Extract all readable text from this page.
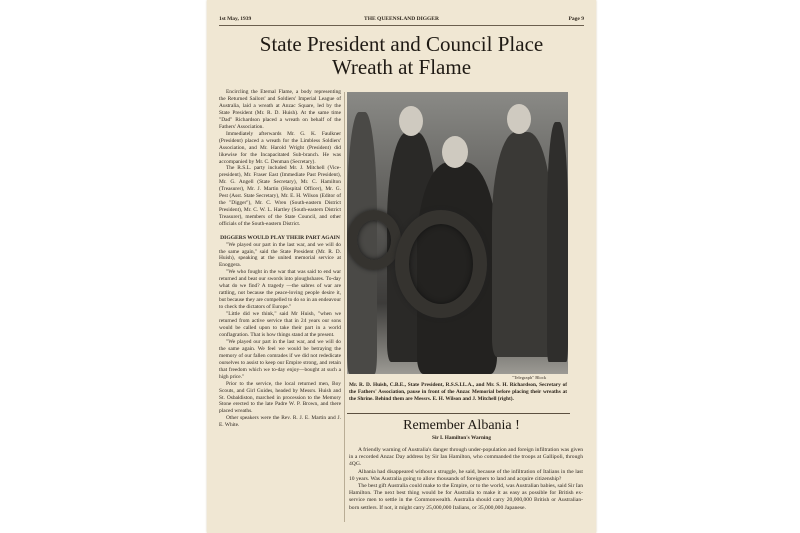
1st May, 1939	THE QUEENSLAND DIGGER	Page 9
State President and Council Place
Wreath at Flame

Encircling the Eternal Flame, a body representing the Returned Sailors' and Soldiers' Imperial League of Australia, laid a wreath at Anzac Square, led by the State President (Mr. R. D. Huish). At the same time "Dad" Richardson placed a wreath on behalf of the Fathers' Association.

Immediately afterwards Mr. G. K. Faulkner (President) placed a wreath for the Limbless Soldiers' Association, and Mr. Harold Wright (President) did likewise for the Incapacitated Sub-branch. He was accompanied by Mr. C. Denman (Secretary).

The R.S.L. party included Mr. J. Mitchell (Vice-president), Mr. Fraser East (Immediate Past President), Mr. G. Angell (State Secretary), Mr. C. Hamilton (Treasurer), Mr. J. Martin (Hospital Officer), Mr. G. Pest (Asst. State Secretary), Mr. E. H. Wilson (Editor of the "Digger"), Mr. C. Wren (South-eastern District President), Mr. C. W. L. Hartley (South-eastern District Treasurer), members of the State Council, and other officials of the South-eastern District.

DIGGERS WOULD PLAY THEIR PART AGAIN

"We played our part in the last war, and we will do the same again," said the State President (Mr. R. D. Huish), speaking at the united memorial service at Enoggera.

"We who fought in the war that was said to end war returned and beat our swords into ploughshares. To-day what do we find? A tragedy —the sabres of war are rattling, not because the peace-loving people desire it, but because they are compelled to do so in an endeavour to check the dictators of Europe."

"Little did we think," said Mr Huish, "when we returned from active service that in 24 years our sons would be called upon to take their part in a world conflagration. That is how things stand at the present.

"We played our part in the last war, and we will do the same again. We feel we would be betraying the memory of our fallen comrades if we did not rededicate ourselves to assist to keep our Empire strong, and retain that freedom which we to-day enjoy—bought at such a high price."

Prior to the service, the local returned men, Boy Scouts, and Girl Guides, headed by Messrs. Huish and St. Osbaldiston, marched in procession to the Memory Stone erected to the late Padre W. P. Brown, and there placed wreaths.

Other speakers were the Rev. R. J. E. Martin and J. E. White.

"Telegraph" Block
Mr. R. D. Huish, C.B.E., State President, R.S.S.I.L.A., and Mr. S. H. Richardson, Secretary of the Fathers' Association, pause in front of the Anzac Memorial before placing their wreaths at the Shrine. Behind them are Messrs. E. H. Wilson and J. Mitchell (right).
Remember Albania !
Sir I. Hamilton's Warning

A friendly warning of Australia's danger through under-population and foreign infiltration was given in a recorded Anzac Day address by Sir Ian Hamilton, who commanded the troops at Gallipoli, through 4QG.

Albania had disappeared without a struggle, he said, because of the infiltration of Italians in the last 10 years. Was Australia going to allow thousands of foreigners to land and acquire citizenship?

The best gift Australia could make to the Empire, or to the world, was Australian babies, said Sir Ian Hamilton. The next best thing would be for Australia to make it as easy as possible for British ex-service men to settle in the Commonwealth. Australia should carry 20,000,000 British or Australian-born settlers. If not, it might carry 25,000,000 Italians, or 35,000,000 Japanese.
